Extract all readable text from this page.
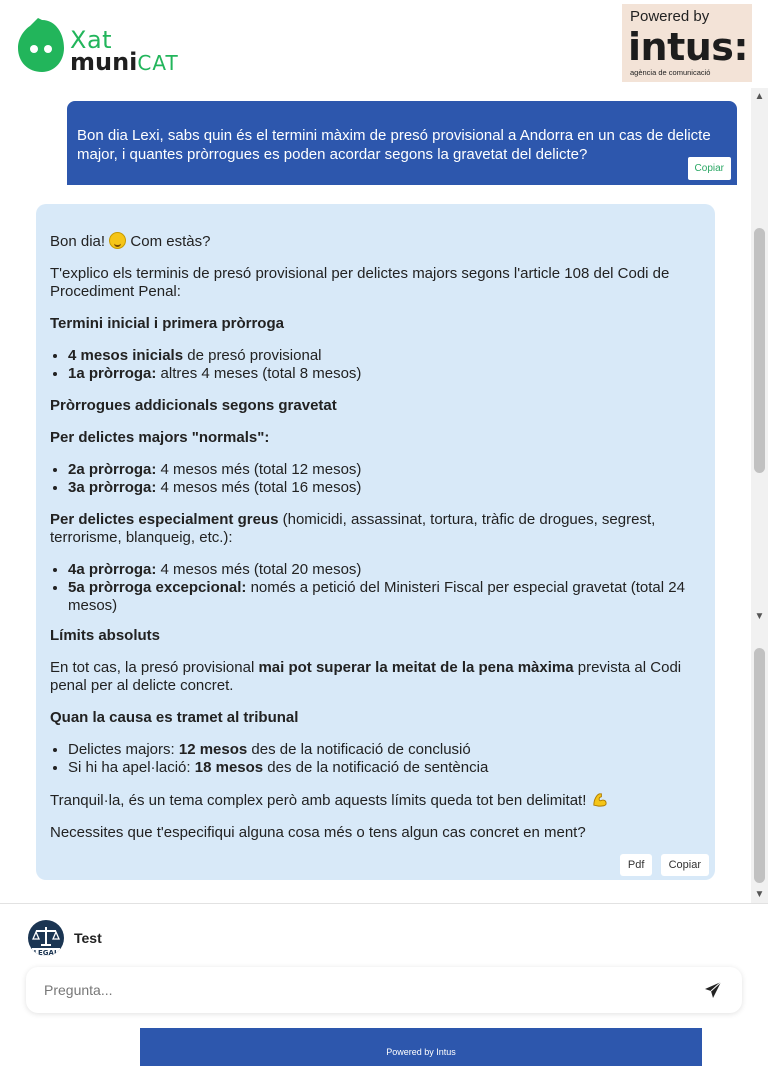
Xat
muniCAT
Powered by
intus:
agència de comunicació
Bon dia Lexi, sabs quin és el termini màxim de presó provisional a Andorra en un cas de delicte major, i quantes pròrrogues es poden acordar segons la gravetat del delicte?
Copiar

Bon dia! Com estàs?

T'explico els terminis de presó provisional per delictes majors segons l'article 108 del Codi de Procediment Penal:

Termini inicial i primera pròrroga

• 4 mesos inicials de presó provisional
• 1a pròrroga: altres 4 meses (total 8 mesos)

Pròrrogues addicionals segons gravetat

Per delictes majors "normals":

• 2a pròrroga: 4 mesos més (total 12 mesos)
• 3a pròrroga: 4 mesos més (total 16 mesos)

Per delictes especialment greus (homicidi, assassinat, tortura, tràfic de drogues, segrest, terrorisme, blanqueig, etc.):

• 4a pròrroga: 4 mesos més (total 20 mesos)
• 5a pròrroga excepcional: només a petició del Ministeri Fiscal per especial gravetat (total 24 mesos)

Límits absoluts

En tot cas, la presó provisional mai pot superar la meitat de la pena màxima prevista al Codi penal per al delicte concret.

Quan la causa es tramet al tribunal

• Delictes majors: 12 mesos des de la notificació de conclusió
• Si hi ha apel·lació: 18 mesos des de la notificació de sentència

Tranquil·la, és un tema complex però amb aquests límits queda tot ben delimitat!

Necessites que t'especifiqui alguna cosa més o tens algun cas concret en ment?

Pdf Copiar
▲
▼
▼
LEGAL
Test
Pregunta...
Powered by Intus
